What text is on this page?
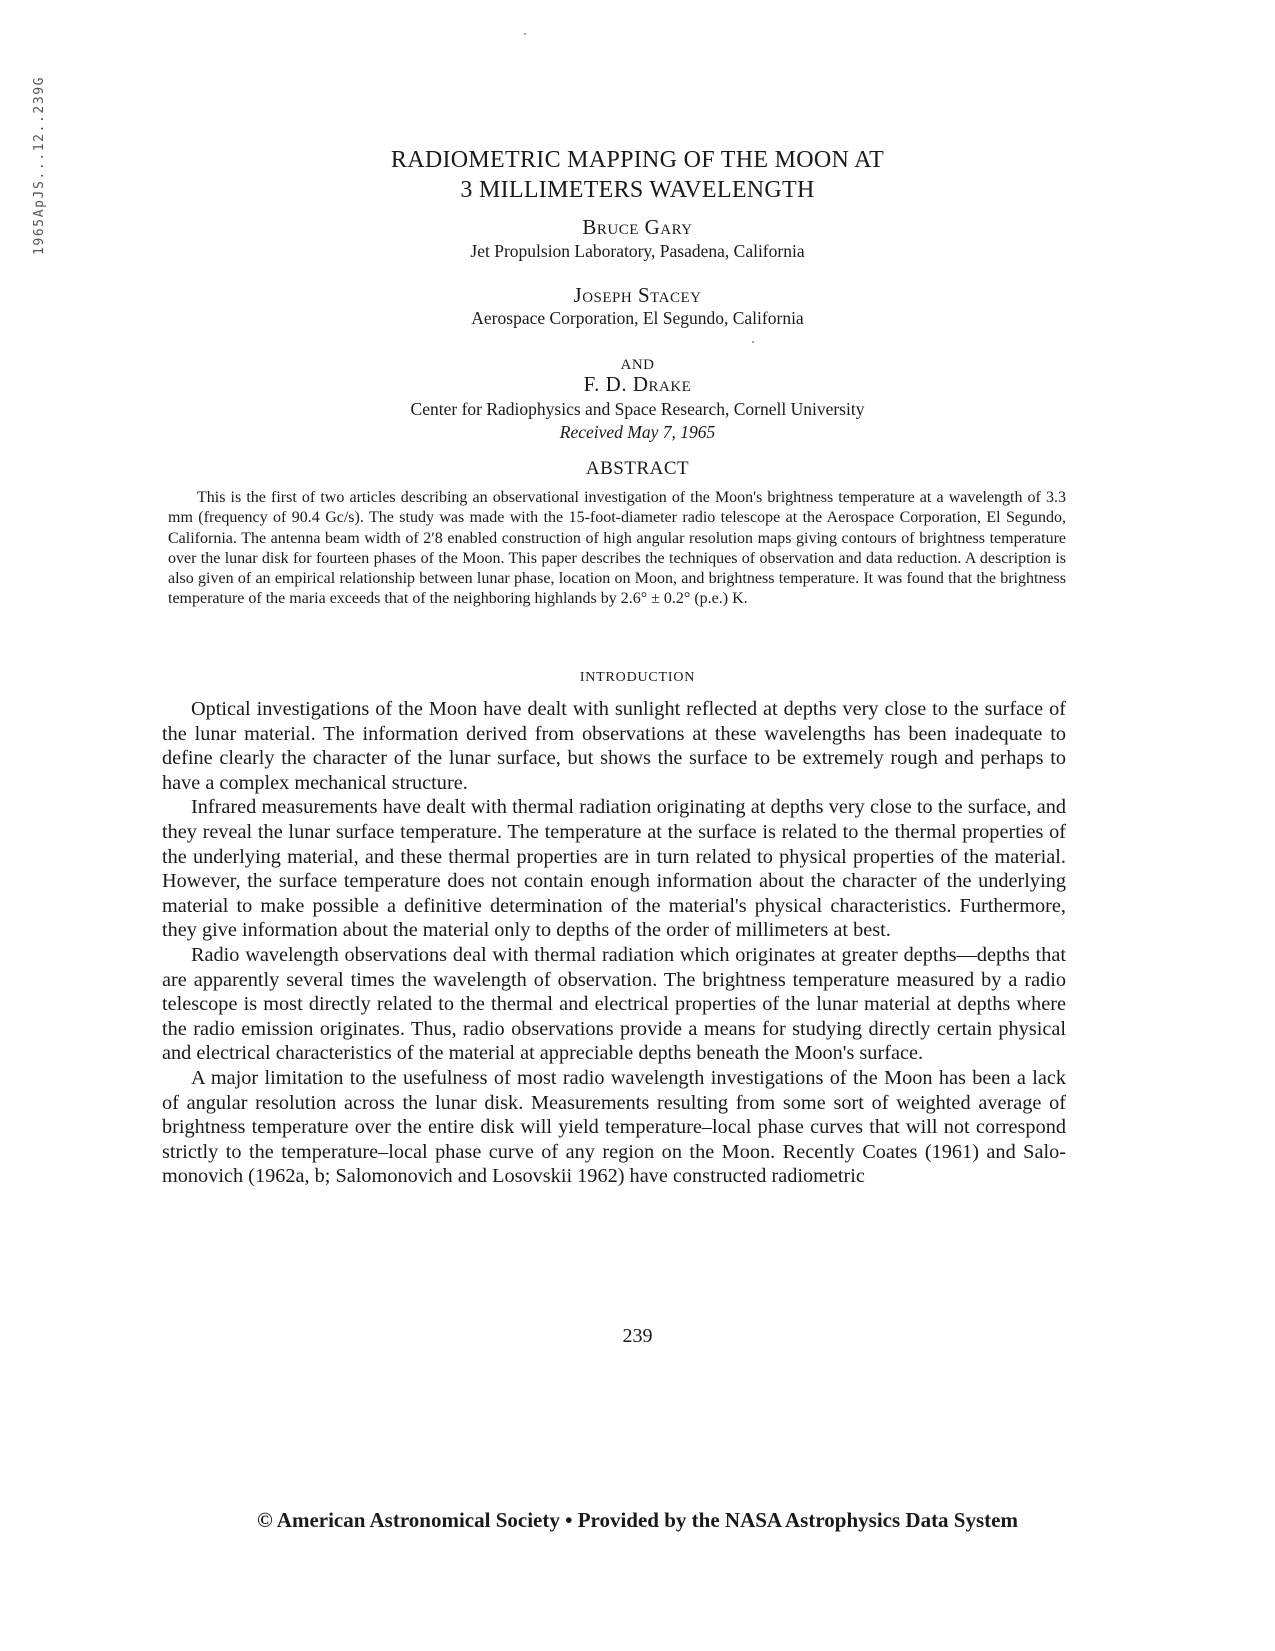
1965ApJS...12..239G	RADIOMETRIC MAPPING OF THE MOON AT
3 MILLIMETERS WAVELENGTH
Bruce Gary
Jet Propulsion Laboratory, Pasadena, California
Joseph Stacey
Aerospace Corporation, El Segundo, California
AND
F. D. Drake
Center for Radiophysics and Space Research, Cornell University
Received May 7, 1965
ABSTRACT
This is the first of two articles describing an observational investigation of the Moon's brightness temperature at a wavelength of 3.3 mm (frequency of 90.4 Gc/s). The study was made with the 15-foot-diameter radio telescope at the Aerospace Corporation, El Segundo, California. The antenna beam width of 2′8 enabled construction of high angular resolution maps giving contours of brightness temperature over the lunar disk for fourteen phases of the Moon. This paper describes the techniques of observation and data reduction. A description is also given of an empirical relationship between lunar phase, location on Moon, and brightness temperature. It was found that the brightness temperature of the maria exceeds that of the neighboring highlands by 2.6° ± 0.2° (p.e.) K.
INTRODUCTION

Optical investigations of the Moon have dealt with sunlight reflected at depths very close to the surface of the lunar material. The information derived from observations at these wavelengths has been inadequate to define clearly the character of the lunar surface, but shows the surface to be extremely rough and perhaps to have a complex mechanical structure.

Infrared measurements have dealt with thermal radiation originating at depths very close to the surface, and they reveal the lunar surface temperature. The temperature at the surface is related to the thermal properties of the underlying material, and these thermal properties are in turn related to physical properties of the material. However, the surface temperature does not contain enough information about the character of the underlying material to make possible a definitive determination of the material's physical characteristics. Furthermore, they give information about the material only to depths of the order of millimeters at best.

Radio wavelength observations deal with thermal radiation which originates at greater depths—depths that are apparently several times the wavelength of observation. The brightness temperature measured by a radio telescope is most directly related to the thermal and electrical properties of the lunar material at depths where the radio emission originates. Thus, radio observations provide a means for studying directly certain physical and electrical characteristics of the material at appreciable depths beneath the Moon's surface.

A major limitation to the usefulness of most radio wavelength investigations of the Moon has been a lack of angular resolution across the lunar disk. Measurements resulting from some sort of weighted average of brightness temperature over the entire disk will yield temperature–local phase curves that will not correspond strictly to the temperature–local phase curve of any region on the Moon. Recently Coates (1961) and Salomonovich (1962a, b; Salomonovich and Losovskii 1962) have constructed radiometric

239
© American Astronomical Society • Provided by the NASA Astrophysics Data System
